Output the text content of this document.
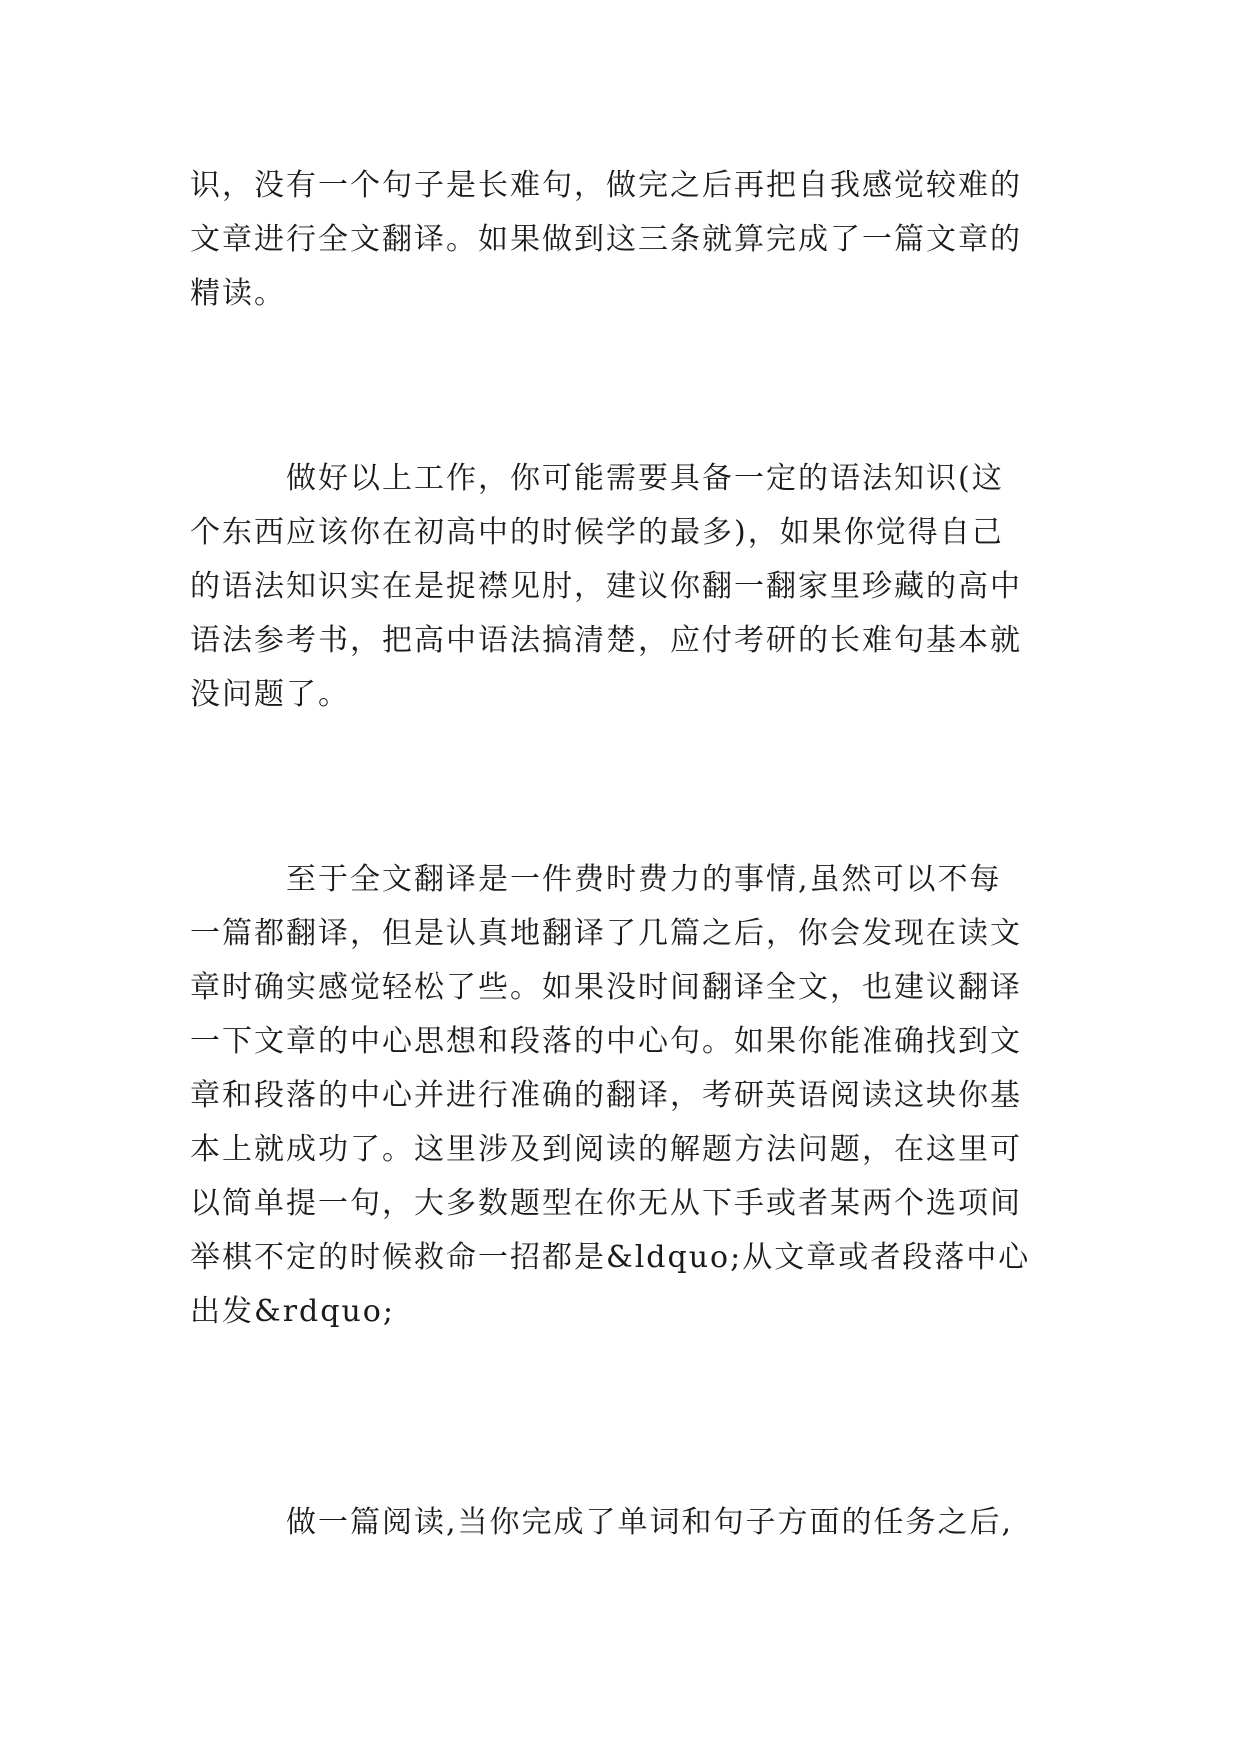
识，没有一个句子是长难句，做完之后再把自我感觉较难的
文章进行全文翻译。如果做到这三条就算完成了一篇文章的
精读。
　　　做好以上工作，你可能需要具备一定的语法知识(这
个东西应该你在初高中的时候学的最多)，如果你觉得自己
的语法知识实在是捉襟见肘，建议你翻一翻家里珍藏的高中
语法参考书，把高中语法搞清楚，应付考研的长难句基本就
没问题了。
　　　至于全文翻译是一件费时费力的事情,虽然可以不每
一篇都翻译，但是认真地翻译了几篇之后，你会发现在读文
章时确实感觉轻松了些。如果没时间翻译全文，也建议翻译
一下文章的中心思想和段落的中心句。如果你能准确找到文
章和段落的中心并进行准确的翻译，考研英语阅读这块你基
本上就成功了。这里涉及到阅读的解题方法问题，在这里可
以简单提一句，大多数题型在你无从下手或者某两个选项间
举棋不定的时候救命一招都是&ldquo;从文章或者段落中心
出发&rdquo;
　　　做一篇阅读,当你完成了单词和句子方面的任务之后,
